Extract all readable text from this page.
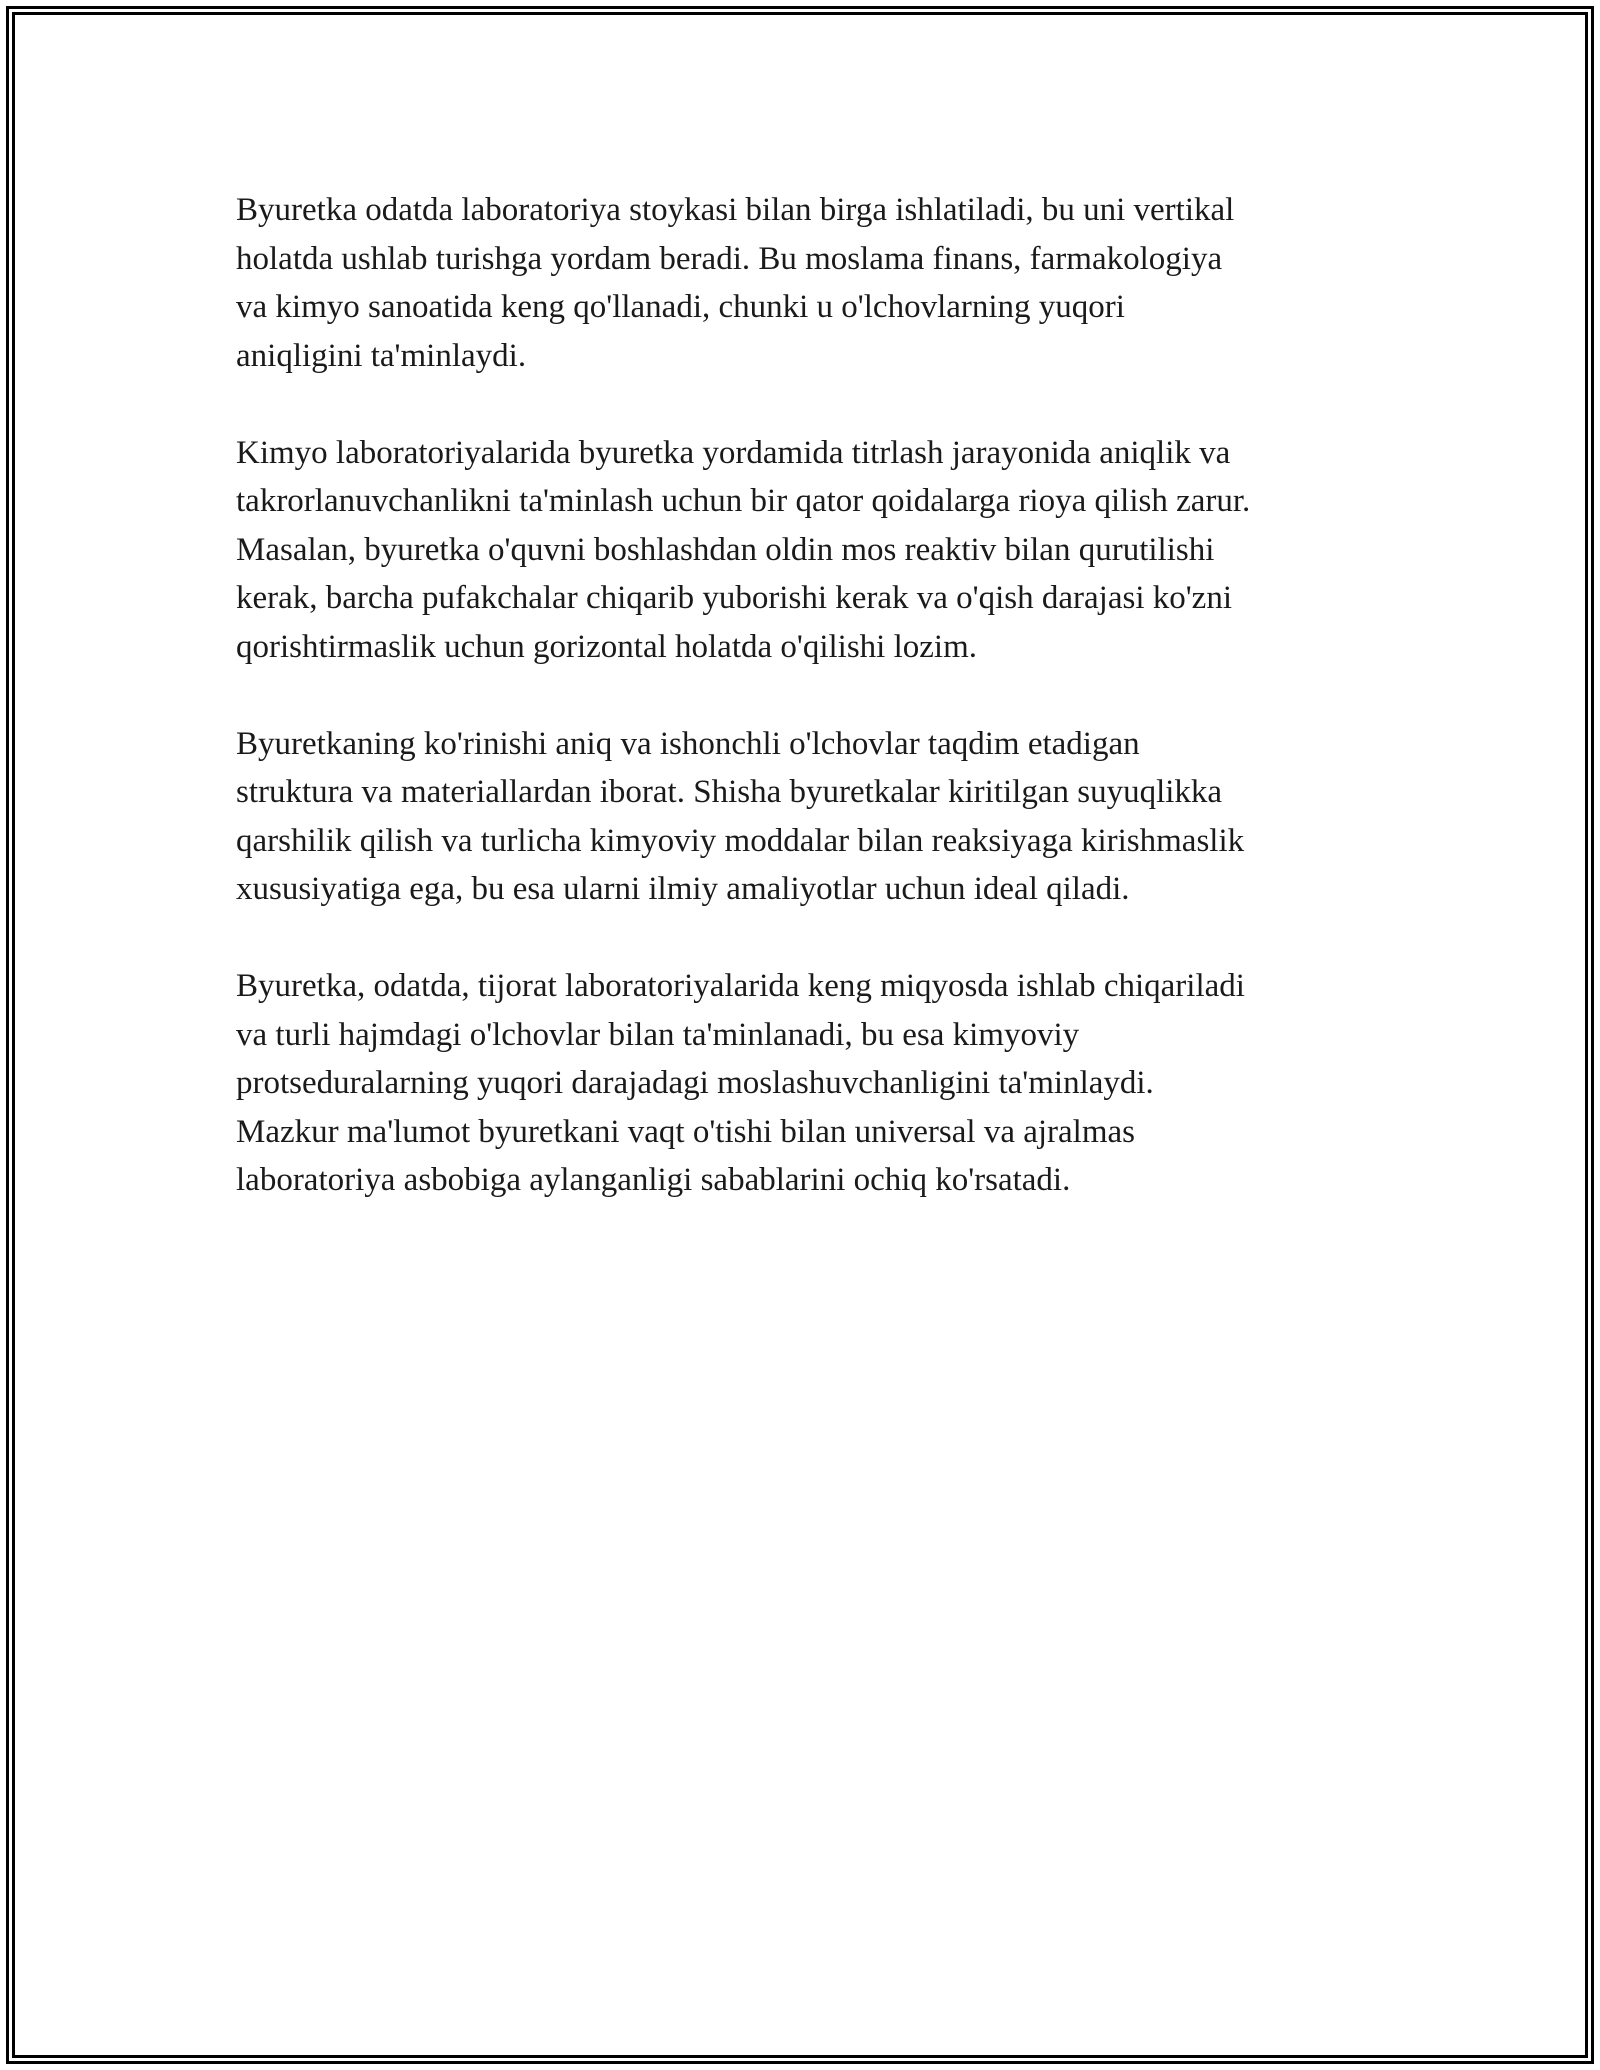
Byuretka odatda laboratoriya stoykasi bilan birga ishlatiladi, bu uni vertikal
holatda ushlab turishga yordam beradi. Bu moslama finans, farmakologiya
va kimyo sanoatida keng qo'llanadi, chunki u o'lchovlarning yuqori
aniqligini ta'minlaydi.

Kimyo laboratoriyalarida byuretka yordamida titrlash jarayonida aniqlik va
takrorlanuvchanlikni ta'minlash uchun bir qator qoidalarga rioya qilish zarur.
Masalan, byuretka o'quvni boshlashdan oldin mos reaktiv bilan qurutilishi
kerak, barcha pufakchalar chiqarib yuborishi kerak va o'qish darajasi ko'zni
qorishtirmaslik uchun gorizontal holatda o'qilishi lozim.

Byuretkaning ko'rinishi aniq va ishonchli o'lchovlar taqdim etadigan
struktura va materiallardan iborat. Shisha byuretkalar kiritilgan suyuqlikka
qarshilik qilish va turlicha kimyoviy moddalar bilan reaksiyaga kirishmaslik
xususiyatiga ega, bu esa ularni ilmiy amaliyotlar uchun ideal qiladi.

Byuretka, odatda, tijorat laboratoriyalarida keng miqyosda ishlab chiqariladi
va turli hajmdagi o'lchovlar bilan ta'minlanadi, bu esa kimyoviy
protseduralarning yuqori darajadagi moslashuvchanligini ta'minlaydi.
Mazkur ma'lumot byuretkani vaqt o'tishi bilan universal va ajralmas
laboratoriya asbobiga aylanganligi sabablarini ochiq ko'rsatadi.
